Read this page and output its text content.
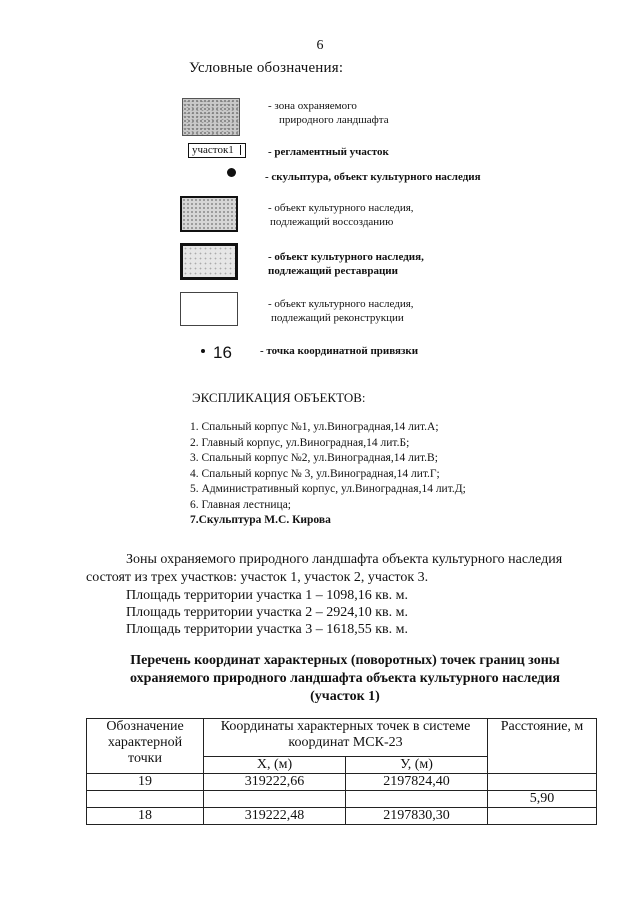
6
Условные обозначения:
участок1
16
- зона охраняемого
природного ландшафта
- регламентный участок
- скульптура, объект культурного наследия
- объект культурного наследия,
подлежащий воссозданию
- объект культурного наследия,
подлежащий реставрации
- объект культурного наследия,
подлежащий реконструкции
- точка координатной привязки
ЭКСПЛИКАЦИЯ ОБЪЕКТОВ:
1. Спальный корпус №1, ул.Виноградная,14 лит.А;
2. Главный корпус, ул.Виноградная,14 лит.Б;
3. Спальный корпус №2, ул.Виноградная,14 лит.В;
4. Спальный корпус № 3, ул.Виноградная,14 лит.Г;
5. Административный корпус, ул.Виноградная,14 лит.Д;
6. Главная лестница;
7.Скульптура М.С. Кирова
Зоны охраняемого природного ландшафта объекта культурного наследия
состоят из трех участков: участок 1, участок 2, участок 3.
Площадь территории участка 1 – 1098,16 кв. м.
Площадь территории участка 2 – 2924,10 кв. м.
Площадь территории участка 3 – 1618,55 кв. м.
Перечень координат характерных (поворотных) точек границ зоны
охраняемого природного ландшафта объекта культурного наследия
(участок 1)
Обозначение характерной точки	Координаты характерных точек в системе координат МСК-23		Расстояние, м
	X, (м)	У, (м)	
19	319222,66	2197824,40	
			5,90
18	319222,48	2197830,30	
